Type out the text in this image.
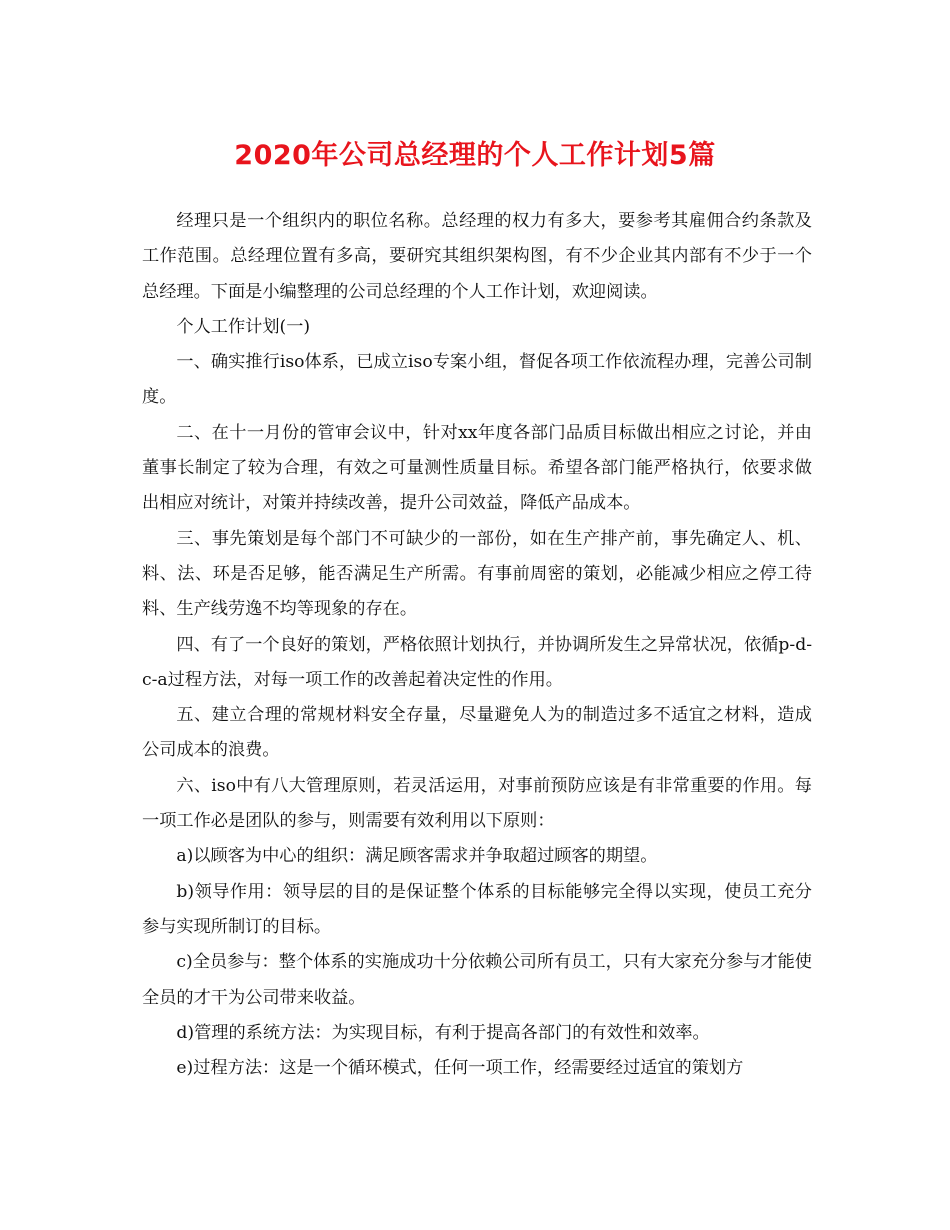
2020年公司总经理的个人工作计划5篇

经理只是一个组织内的职位名称。总经理的权力有多大，要参考其雇佣合约条款及工作范围。总经理位置有多高，要研究其组织架构图，有不少企业其内部有不少于一个总经理。下面是小编整理的公司总经理的个人工作计划，欢迎阅读。

个人工作计划(一)

一、确实推行iso体系，已成立iso专案小组，督促各项工作依流程办理，完善公司制度。

二、在十一月份的管审会议中，针对xx年度各部门品质目标做出相应之讨论，并由董事长制定了较为合理，有效之可量测性质量目标。希望各部门能严格执行，依要求做出相应对统计，对策并持续改善，提升公司效益，降低产品成本。

三、事先策划是每个部门不可缺少的一部份，如在生产排产前，事先确定人、机、料、法、环是否足够，能否满足生产所需。有事前周密的策划，必能减少相应之停工待料、生产线劳逸不均等现象的存在。

四、有了一个良好的策划，严格依照计划执行，并协调所发生之异常状况，依循p-d-c-a过程方法，对每一项工作的改善起着决定性的作用。

五、建立合理的常规材料安全存量，尽量避免人为的制造过多不适宜之材料，造成公司成本的浪费。

六、iso中有八大管理原则，若灵活运用，对事前预防应该是有非常重要的作用。每一项工作必是团队的参与，则需要有效利用以下原则：

a)以顾客为中心的组织：满足顾客需求并争取超过顾客的期望。

b)领导作用：领导层的目的是保证整个体系的目标能够完全得以实现，使员工充分参与实现所制订的目标。

c)全员参与：整个体系的实施成功十分依赖公司所有员工，只有大家充分参与才能使全员的才干为公司带来收益。

d)管理的系统方法：为实现目标，有利于提高各部门的有效性和效率。

e)过程方法：这是一个循环模式，任何一项工作，经需要经过适宜的策划方
